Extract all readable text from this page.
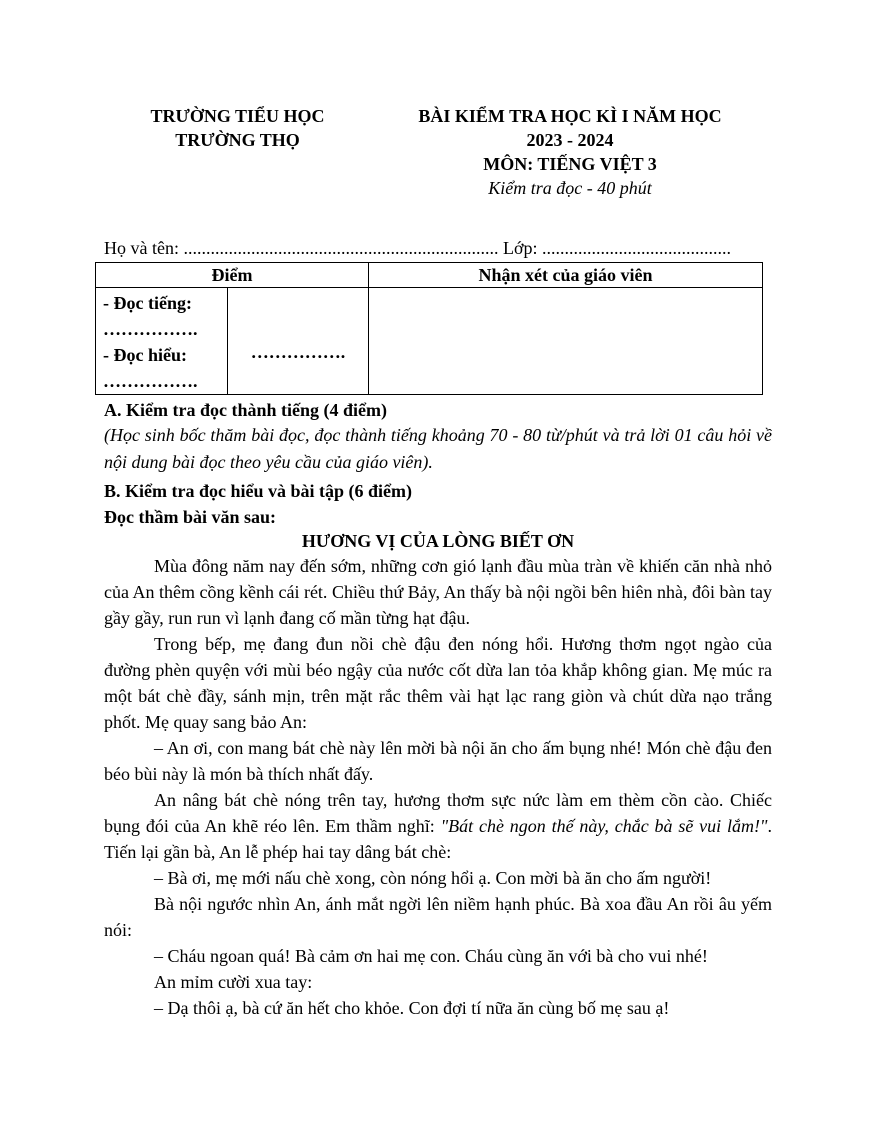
TRƯỜNG TIỂU HỌC
TRƯỜNG THỌ
BÀI KIỂM TRA HỌC KÌ I NĂM HỌC
2023 - 2024
MÔN: TIẾNG VIỆT 3
Kiểm tra đọc - 40 phút
Họ và tên: ...................................................................... Lớp: ..........................................
Điểm		Nhận xét của giáo viên

- Đọc tiếng:
…………….
- Đọc hiểu:
…………….	…………….	
A. Kiểm tra đọc thành tiếng (4 điểm)
(Học sinh bốc thăm bài đọc, đọc thành tiếng khoảng 70 - 80 từ/phút và trả lời 01 câu hỏi về nội dung bài đọc theo yêu cầu của giáo viên).
B. Kiểm tra đọc hiểu và bài tập (6 điểm)
Đọc thầm bài văn sau:
HƯƠNG VỊ CỦA LÒNG BIẾT ƠN

Mùa đông năm nay đến sớm, những cơn gió lạnh đầu mùa tràn về khiến căn nhà nhỏ của An thêm cồng kềnh cái rét. Chiều thứ Bảy, An thấy bà nội ngồi bên hiên nhà, đôi bàn tay gầy gầy, run run vì lạnh đang cố mần từng hạt đậu.

Trong bếp, mẹ đang đun nồi chè đậu đen nóng hổi. Hương thơm ngọt ngào của đường phèn quyện với mùi béo ngậy của nước cốt dừa lan tỏa khắp không gian. Mẹ múc ra một bát chè đầy, sánh mịn, trên mặt rắc thêm vài hạt lạc rang giòn và chút dừa nạo trắng phốt. Mẹ quay sang bảo An:

– An ơi, con mang bát chè này lên mời bà nội ăn cho ấm bụng nhé! Món chè đậu đen béo bùi này là món bà thích nhất đấy.

An nâng bát chè nóng trên tay, hương thơm sực nức làm em thèm cồn cào. Chiếc bụng đói của An khẽ réo lên. Em thầm nghĩ: "Bát chè ngon thế này, chắc bà sẽ vui lắm!". Tiến lại gần bà, An lễ phép hai tay dâng bát chè:

– Bà ơi, mẹ mới nấu chè xong, còn nóng hổi ạ. Con mời bà ăn cho ấm người!

Bà nội ngước nhìn An, ánh mắt ngời lên niềm hạnh phúc. Bà xoa đầu An rồi âu yếm nói:

– Cháu ngoan quá! Bà cảm ơn hai mẹ con. Cháu cùng ăn với bà cho vui nhé!

An mỉm cười xua tay:

– Dạ thôi ạ, bà cứ ăn hết cho khỏe. Con đợi tí nữa ăn cùng bố mẹ sau ạ!
